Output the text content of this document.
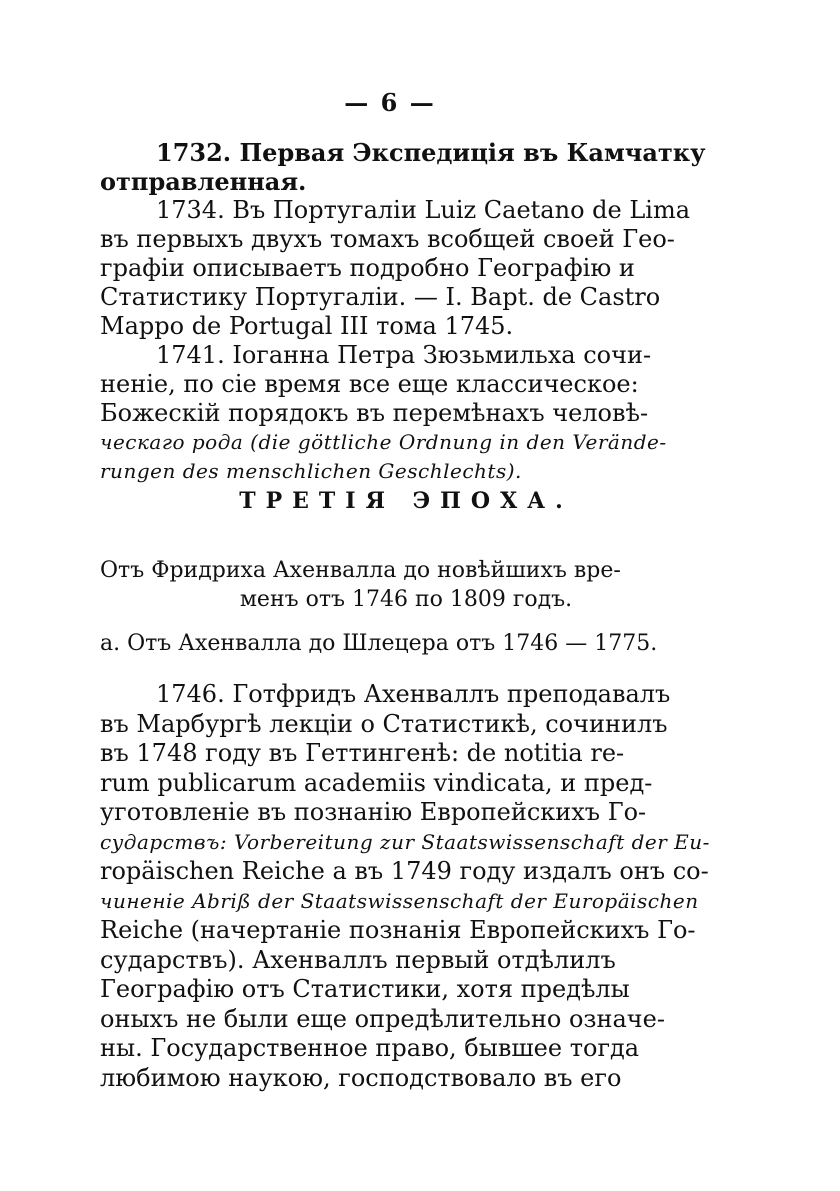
— 6 —
1732. Первая Экспедиція въ Камчатку
отправленная.
1734. Въ Португаліи Luiz Caetano de Lima
въ первыхъ двухъ томахъ всобщей своей Гео-
графіи описываетъ подробно Географію и
Статистику Португаліи. — I. Bapt. de Castro
Mappo de Portugal III тома 1745.
1741. Іоганна Петра Зюзьмильха сочи-
неніе, по сіе время все еще классическое:
Божескій порядокъ въ перемѣнахъ человѣ-
ческаго рода (die göttliche Ordnung in den Verände-
rungen des menschlichen Geschlechts).
ТРЕТІЯ ЭПОХА.
Отъ Фридриха Ахенвалла до новѣйшихъ вре-
менъ отъ 1746 по 1809 годъ.
а. Отъ Ахенвалла до Шлецера отъ 1746 — 1775.
1746. Готфридъ Ахенваллъ преподавалъ
въ Марбургѣ лекціи о Статистикѣ, сочинилъ
въ 1748 году въ Геттингенѣ: de notitia re-
rum publicarum academiis vindicata, и пред-
уготовленіе въ познанію Европейскихъ Го-
сударствъ: Vorbereitung zur Staatswissenschaft der Eu-
ropäischen Reiche а въ 1749 году издалъ онъ со-
чиненіе Abriß der Staatswissenschaft der Europäischen
Reiche (начертаніе познанія Европейскихъ Го-
сударствъ). Ахенваллъ первый отдѣлилъ
Географію отъ Статистики, хотя предѣлы
оныхъ не были еще опредѣлительно означе-
ны. Государственное право, бывшее тогда
любимою наукою, господствовало въ его
